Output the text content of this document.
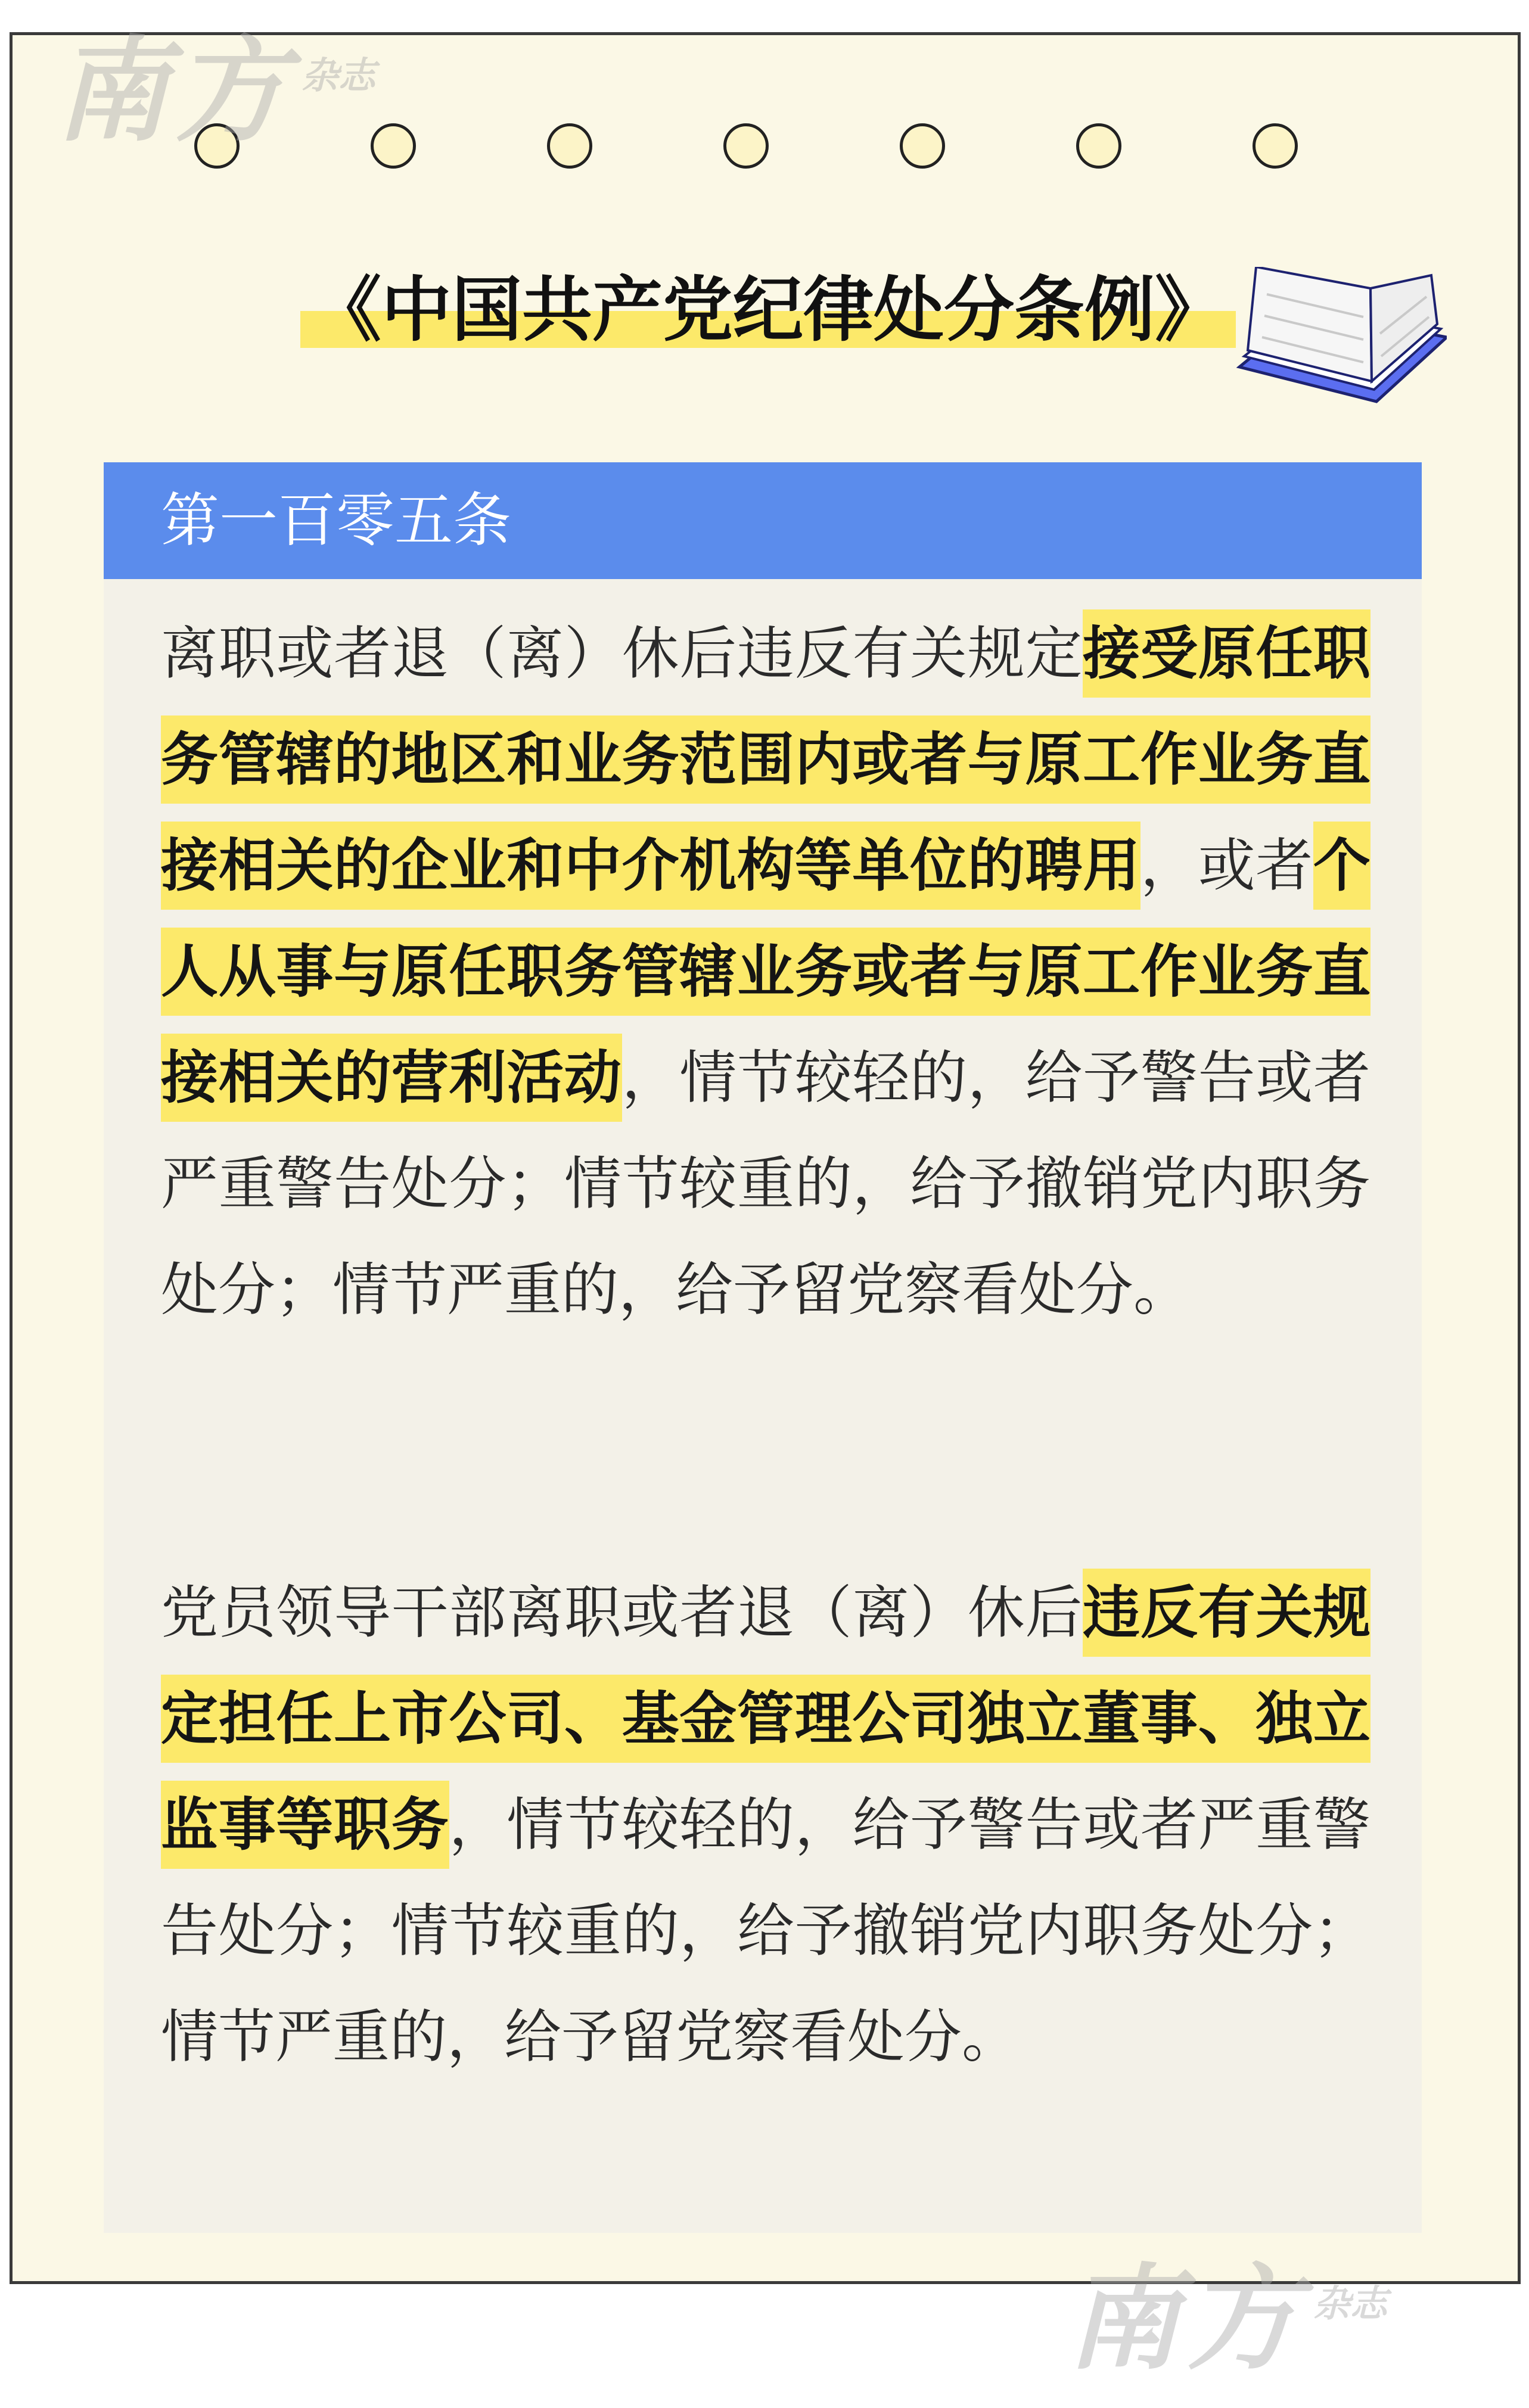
南方 杂志
《中国共产党纪律处分条例》
第一百零五条

离职或者退（离）休后违反有关规定接受原任职务管辖的地区和业务范围内或者与原工作业务直接相关的企业和中介机构等单位的聘用，或者个人从事与原任职务管辖业务或者与原工作业务直接相关的营利活动，情节较轻的，给予警告或者严重警告处分；情节较重的，给予撤销党内职务处分；情节严重的，给予留党察看处分。

党员领导干部离职或者退（离）休后违反有关规定担任上市公司、基金管理公司独立董事、独立监事等职务，情节较轻的，给予警告或者严重警告处分；情节较重的，给予撤销党内职务处分；情节严重的，给予留党察看处分。

南方 杂志
